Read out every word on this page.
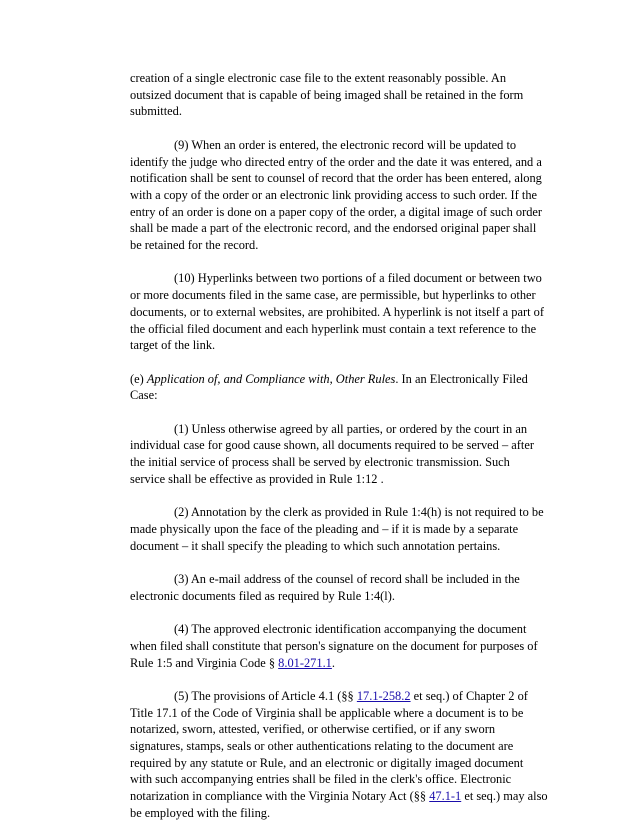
creation of a single electronic case file to the extent reasonably possible. An outsized document that is capable of being imaged shall be retained in the form submitted.

(9) When an order is entered, the electronic record will be updated to identify the judge who directed entry of the order and the date it was entered, and a notification shall be sent to counsel of record that the order has been entered, along with a copy of the order or an electronic link providing access to such order. If the entry of an order is done on a paper copy of the order, a digital image of such order shall be made a part of the electronic record, and the endorsed original paper shall be retained for the record.

(10) Hyperlinks between two portions of a filed document or between two or more documents filed in the same case, are permissible, but hyperlinks to other documents, or to external websites, are prohibited. A hyperlink is not itself a part of the official filed document and each hyperlink must contain a text reference to the target of the link.

(e) Application of, and Compliance with, Other Rules. In an Electronically Filed Case:

(1) Unless otherwise agreed by all parties, or ordered by the court in an individual case for good cause shown, all documents required to be served – after the initial service of process shall be served by electronic transmission. Such service shall be effective as provided in Rule 1:12 .

(2) Annotation by the clerk as provided in Rule 1:4(h) is not required to be made physically upon the face of the pleading and – if it is made by a separate document – it shall specify the pleading to which such annotation pertains.

(3) An e-mail address of the counsel of record shall be included in the electronic documents filed as required by Rule 1:4(l).

(4) The approved electronic identification accompanying the document when filed shall constitute that person's signature on the document for purposes of Rule 1:5 and Virginia Code § 8.01-271.1.

(5) The provisions of Article 4.1 (§§ 17.1-258.2 et seq.) of Chapter 2 of Title 17.1 of the Code of Virginia shall be applicable where a document is to be notarized, sworn, attested, verified, or otherwise certified, or if any sworn signatures, stamps, seals or other authentications relating to the document are required by any statute or Rule, and an electronic or digitally imaged document with such accompanying entries shall be filed in the clerk's office. Electronic notarization in compliance with the Virginia Notary Act (§§ 47.1-1 et seq.) may also be employed with the filing.
